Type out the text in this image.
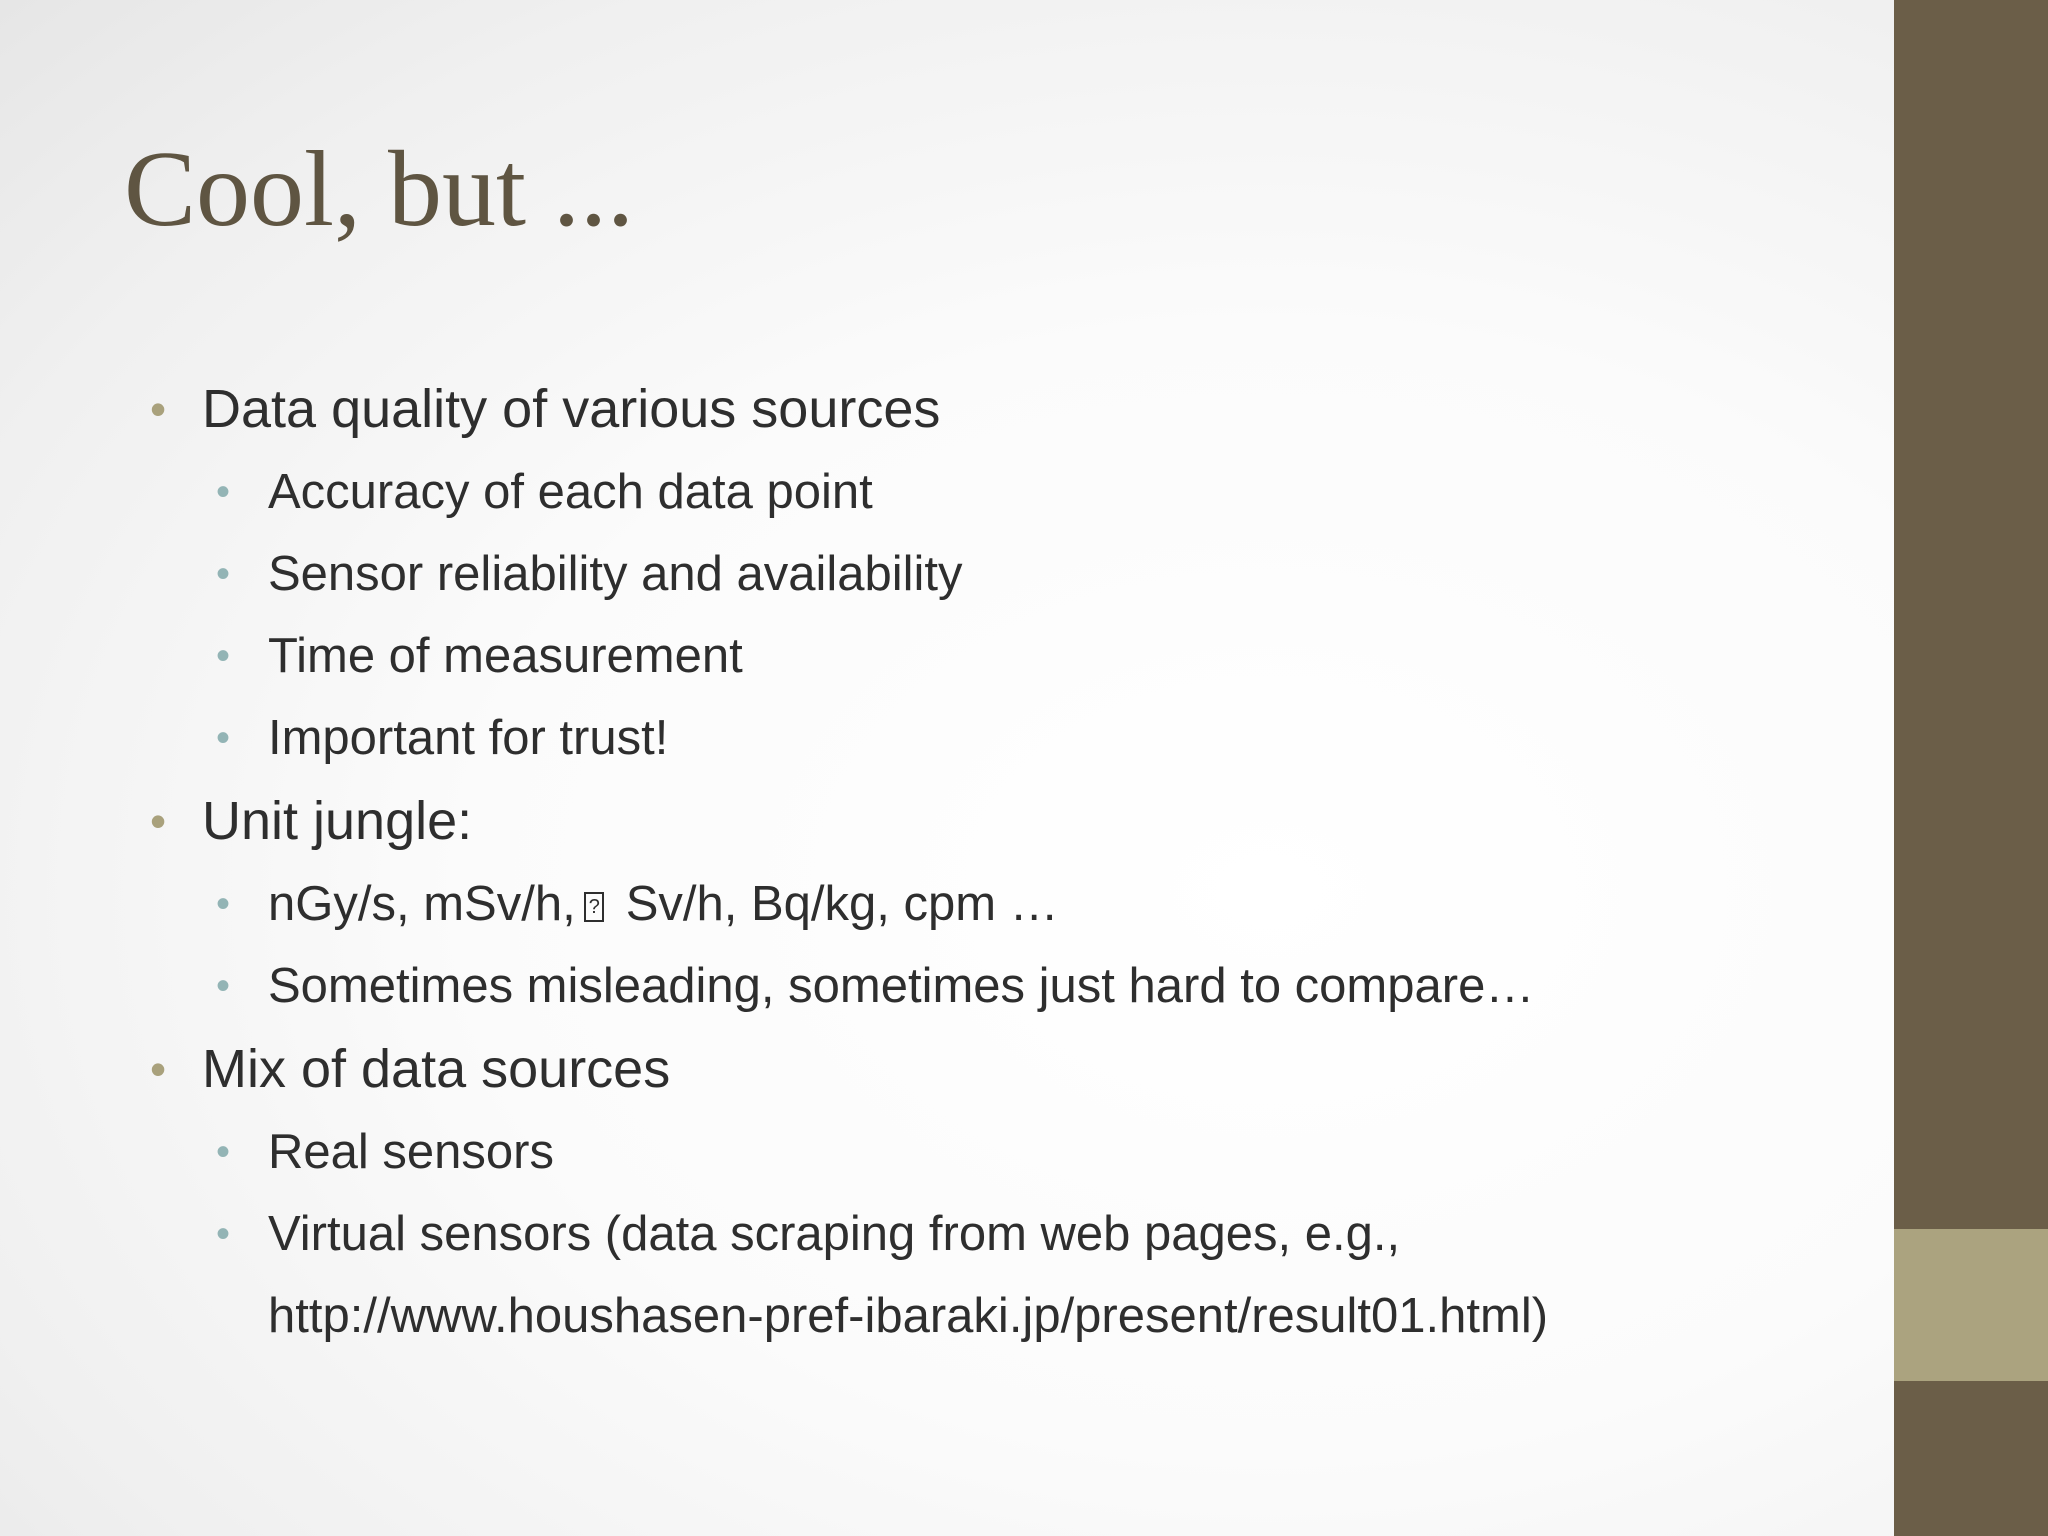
Cool, but ...
• Data quality of various sources
• Accuracy of each data point
• Sensor reliability and availability
• Time of measurement
• Important for trust!
• Unit jungle:
• nGy/s, mSv/h,? Sv/h, Bq/kg, cpm …
• Sometimes misleading, sometimes just hard to compare…
• Mix of data sources
• Real sensors
• Virtual sensors (data scraping from web pages, e.g.,
http://www.houshasen-pref-ibaraki.jp/present/result01.html)
